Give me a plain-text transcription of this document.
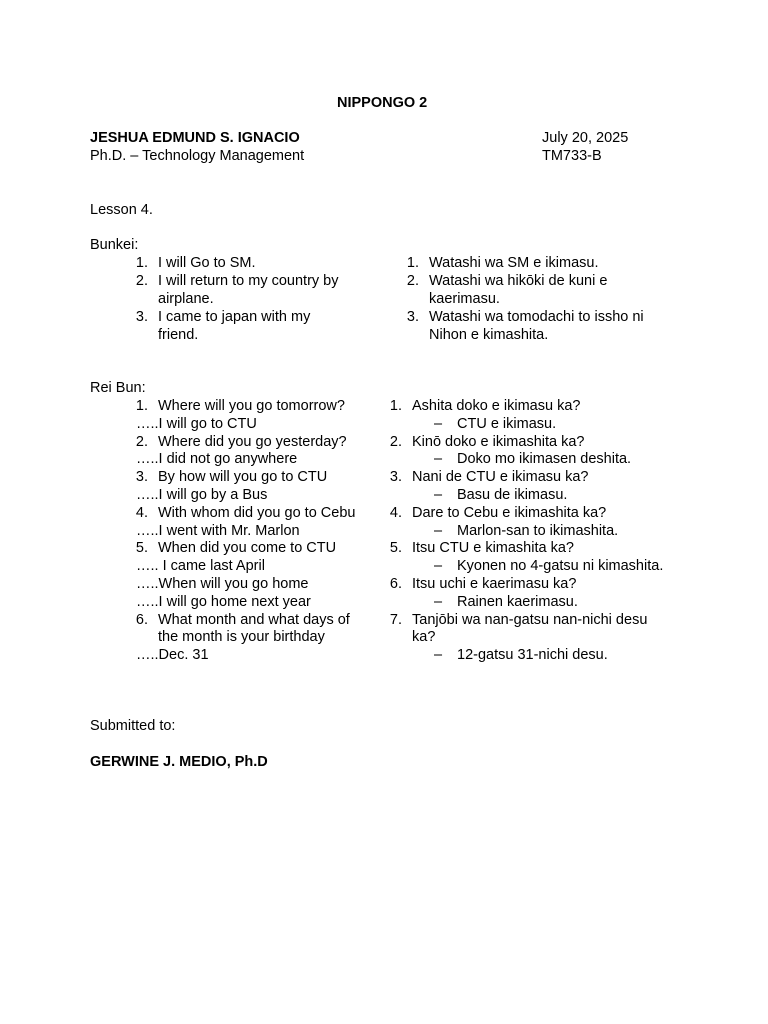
NIPPONGO 2
JESHUA EDMUND S. IGNACIO
Ph.D. – Technology Management
July 20, 2025
TM733-B
Lesson 4.
Bunkei:
1. I will Go to SM.
2. I will return to my country by
airplane.
3. I came to japan with my
friend.
1. Watashi wa SM e ikimasu.
2. Watashi wa hikōki de kuni e
kaerimasu.
3. Watashi wa tomodachi to issho ni
Nihon e kimashita.
Rei Bun:
1. Where will you go tomorrow?
…..I will go to CTU
2. Where did you go yesterday?
…..I did not go anywhere
3. By how will you go to CTU
…..I will go by a Bus
4. With whom did you go to Cebu
…..I went with Mr. Marlon
5. When did you come to CTU
….. I came last April
…..When will you go home
…..I will go home next year
6. What month and what days of
the month is your birthday
…..Dec. 31
1. Ashita doko e ikimasu ka?
– CTU e ikimasu.
2. Kinō doko e ikimashita ka?
– Doko mo ikimasen deshita.
3. Nani de CTU e ikimasu ka?
– Basu de ikimasu.
4. Dare to Cebu e ikimashita ka?
– Marlon-san to ikimashita.
5. Itsu CTU e kimashita ka?
– Kyonen no 4-gatsu ni kimashita.
6. Itsu uchi e kaerimasu ka?
– Rainen kaerimasu.
7. Tanjōbi wa nan-gatsu nan-nichi desu
ka?
– 12-gatsu 31-nichi desu.
Submitted to:
GERWINE J. MEDIO, Ph.D
